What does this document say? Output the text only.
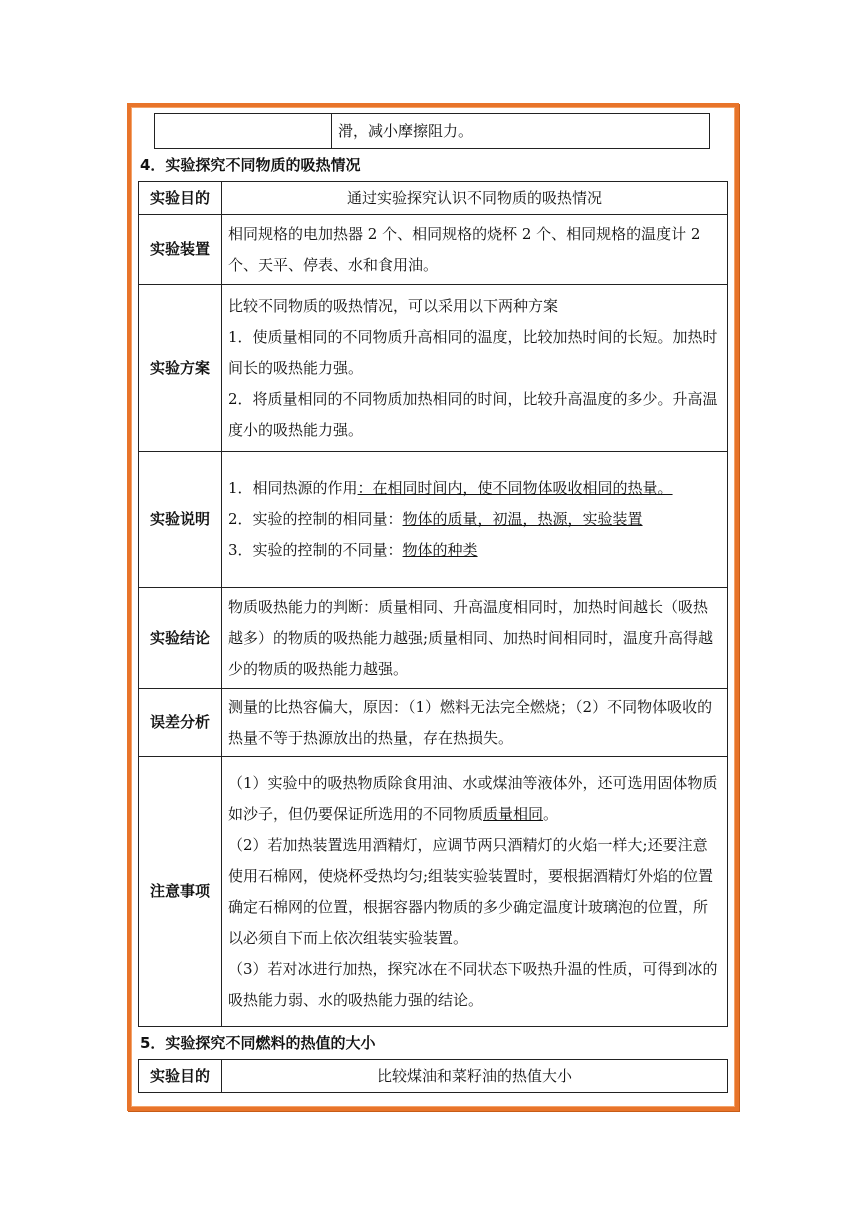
	滑，减小摩擦阻力。
4．实验探究不同物质的吸热情况
实验目的	通过实验探究认识不同物质的吸热情况
实验装置	相同规格的电加热器 2 个、相同规格的烧杯 2 个、相同规格的温度计 2 个、天平、停表、水和食用油。
实验方案	比较不同物质的吸热情况，可以采用以下两种方案
1．使质量相同的不同物质升高相同的温度，比较加热时间的长短。加热时间长的吸热能力强。
2．将质量相同的不同物质加热相同的时间，比较升高温度的多少。升高温度小的吸热能力强。

实验说明	1．相同热源的作用：在相同时间内，使不同物体吸收相同的热量。
2．实验的控制的相同量：物体的质量，初温，热源，实验装置
3．实验的控制的不同量：物体的种类

实验结论	物质吸热能力的判断：质量相同、升高温度相同时，加热时间越长（吸热越多）的物质的吸热能力越强;质量相同、加热时间相同时，温度升高得越少的物质的吸热能力越强。
误差分析	测量的比热容偏大，原因：（1）燃料无法完全燃烧；（2）不同物体吸收的热量不等于热源放出的热量，存在热损失。
注意事项	（1）实验中的吸热物质除食用油、水或煤油等液体外，还可选用固体物质如沙子，但仍要保证所选用的不同物质质量相同。
（2）若加热装置选用酒精灯，应调节两只酒精灯的火焰一样大;还要注意使用石棉网，使烧杯受热均匀;组装实验装置时，要根据酒精灯外焰的位置确定石棉网的位置，根据容器内物质的多少确定温度计玻璃泡的位置，所以必须自下而上依次组装实验装置。
（3）若对冰进行加热，探究冰在不同状态下吸热升温的性质，可得到冰的吸热能力弱、水的吸热能力强的结论。
5．实验探究不同燃料的热值的大小
实验目的	比较煤油和菜籽油的热值大小
